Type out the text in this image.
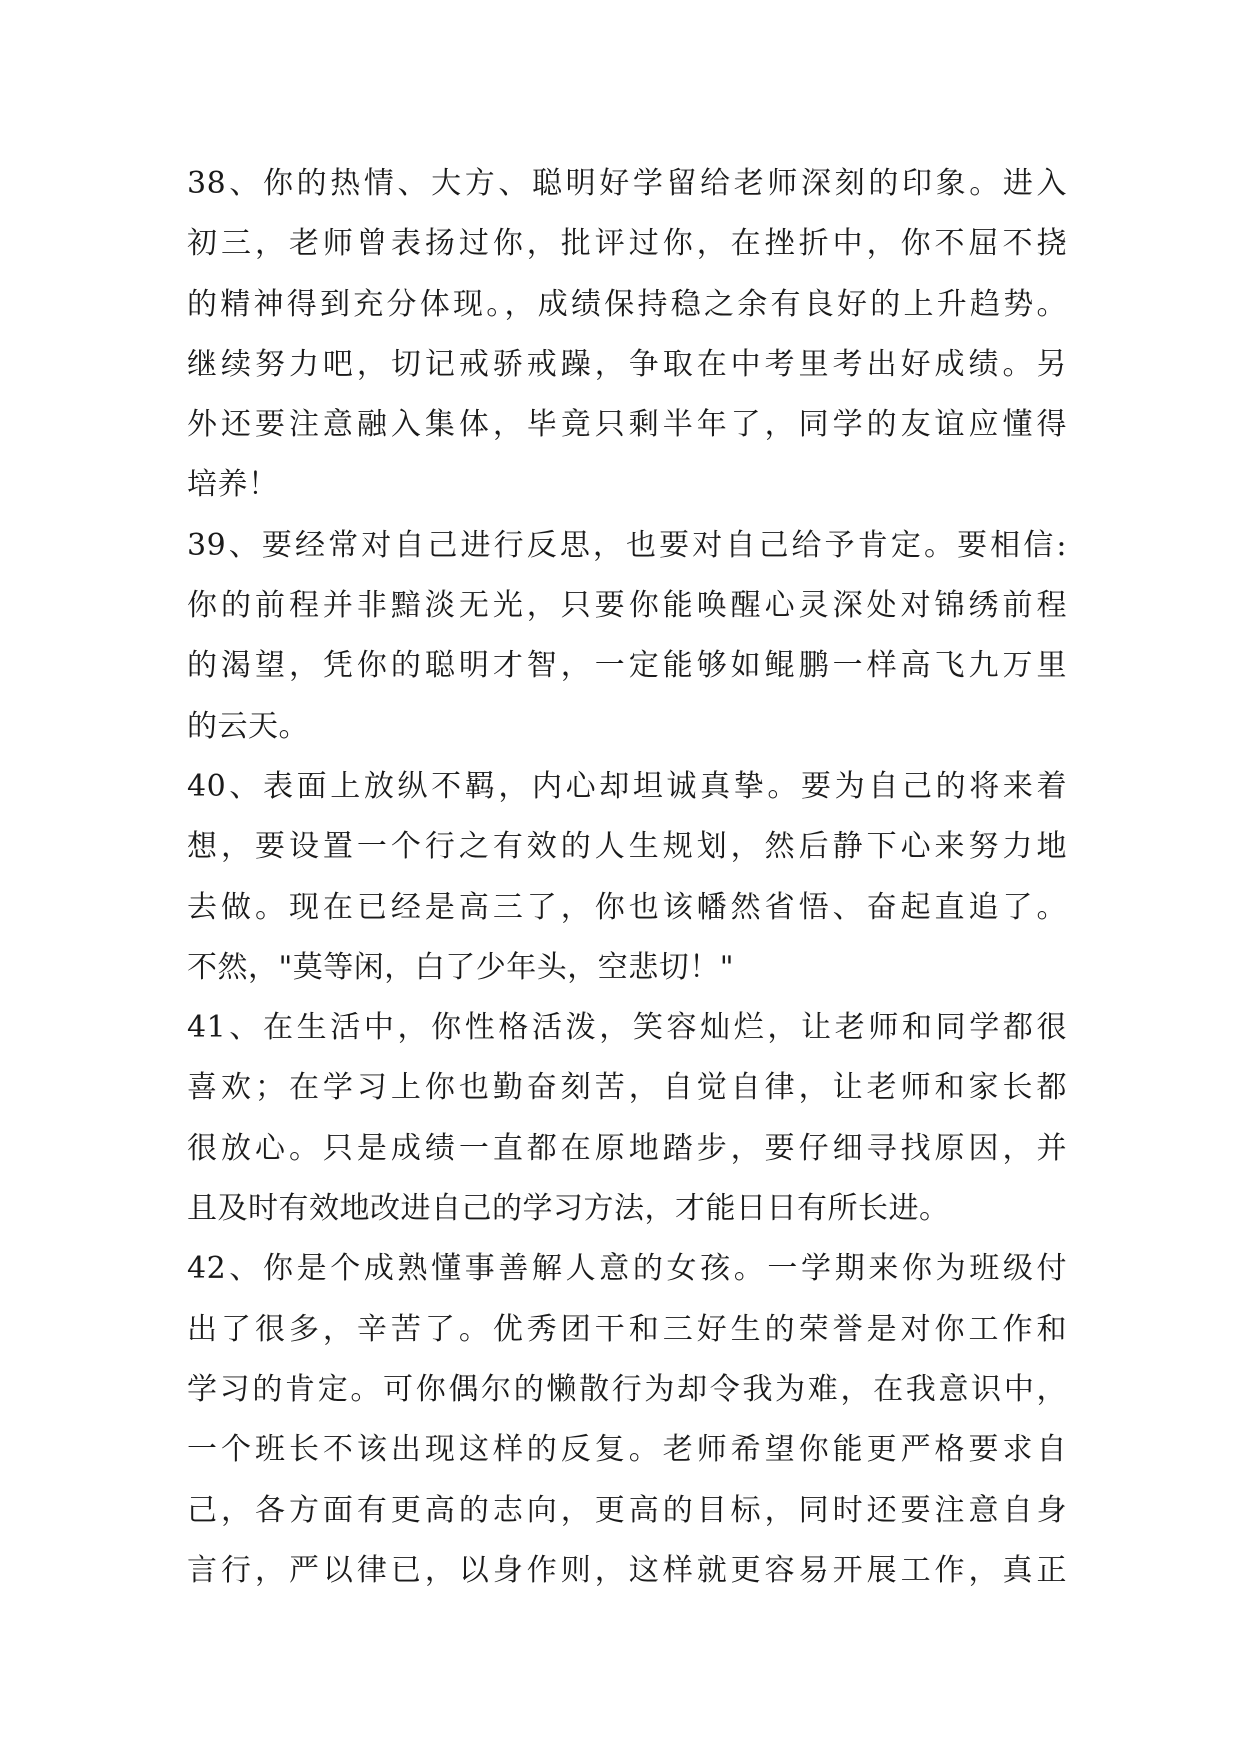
38、你的热情、大方、聪明好学留给老师深刻的印象。进入
初三，老师曾表扬过你，批评过你，在挫折中，你不屈不挠
的精神得到充分体现。，成绩保持稳之余有良好的上升趋势。
继续努力吧，切记戒骄戒躁，争取在中考里考出好成绩。另
外还要注意融入集体，毕竟只剩半年了，同学的友谊应懂得
培养！
39、要经常对自己进行反思，也要对自己给予肯定。要相信:
你的前程并非黯淡无光，只要你能唤醒心灵深处对锦绣前程
的渴望，凭你的聪明才智，一定能够如鲲鹏一样高飞九万里
的云天。
40、表面上放纵不羁，内心却坦诚真挚。要为自己的将来着
想，要设置一个行之有效的人生规划，然后静下心来努力地
去做。现在已经是高三了，你也该幡然省悟、奋起直追了。
不然，"莫等闲，白了少年头，空悲切！"
41、在生活中，你性格活泼，笑容灿烂，让老师和同学都很
喜欢；在学习上你也勤奋刻苦，自觉自律，让老师和家长都
很放心。只是成绩一直都在原地踏步，要仔细寻找原因，并
且及时有效地改进自己的学习方法，才能日日有所长进。
42、你是个成熟懂事善解人意的女孩。一学期来你为班级付
出了很多，辛苦了。优秀团干和三好生的荣誉是对你工作和
学习的肯定。可你偶尔的懒散行为却令我为难，在我意识中，
一个班长不该出现这样的反复。老师希望你能更严格要求自
己，各方面有更高的志向，更高的目标，同时还要注意自身
言行，严以律已，以身作则，这样就更容易开展工作，真正
